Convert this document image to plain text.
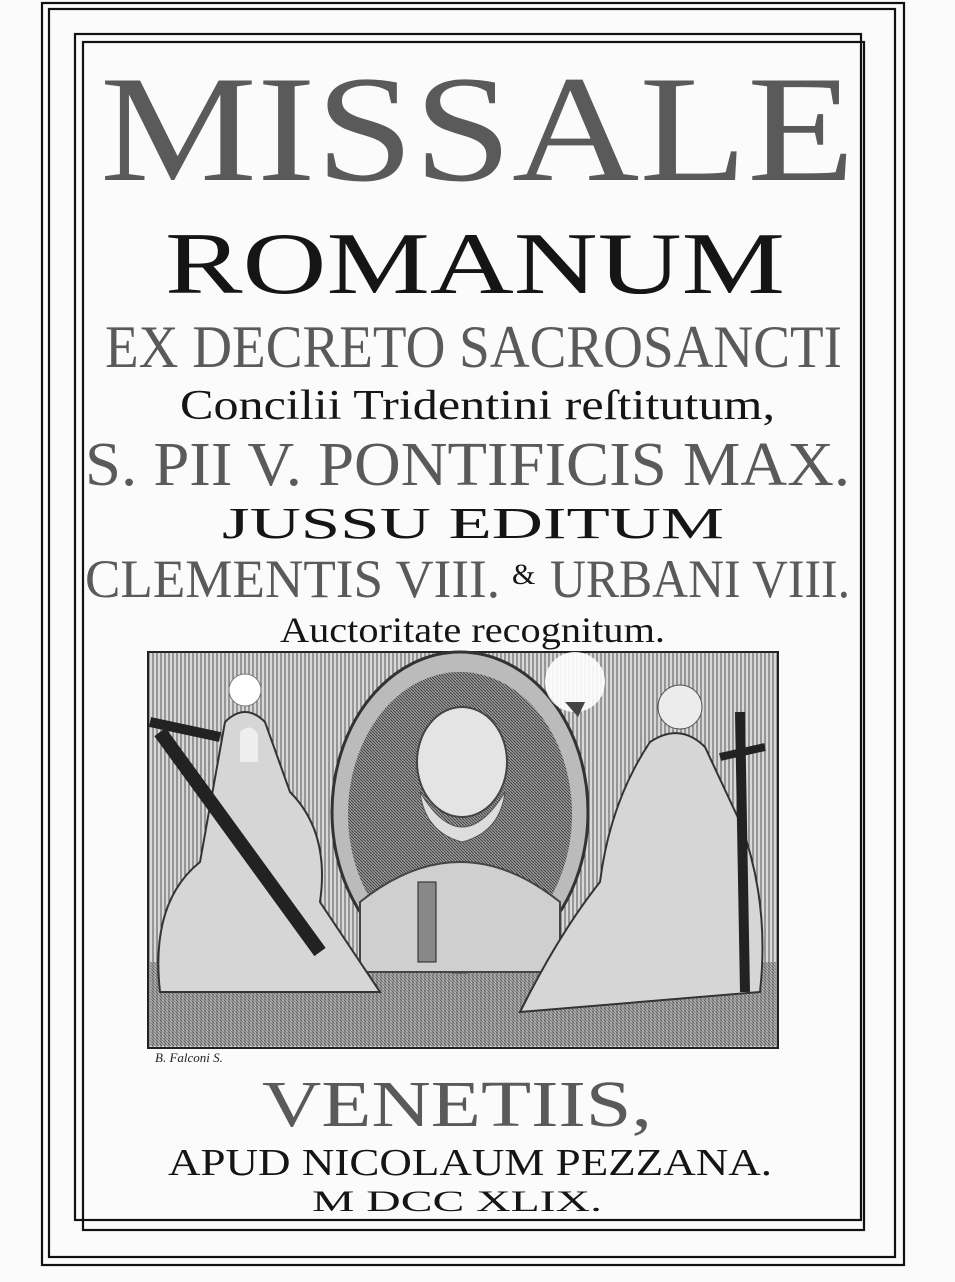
MISSALE
ROMANUM
EX DECRETO SACROSANCTI
Concilii Tridentini reſtitutum,
S. PII V. PONTIFICIS MAX.
JUSSU EDITUM
CLEMENTIS VIII. & URBANI VIII.
Auctoritate recognitum.
B. Falconi S.
VENETIIS,
APUD NICOLAUM PEZZANA.
M DCC XLIX.
